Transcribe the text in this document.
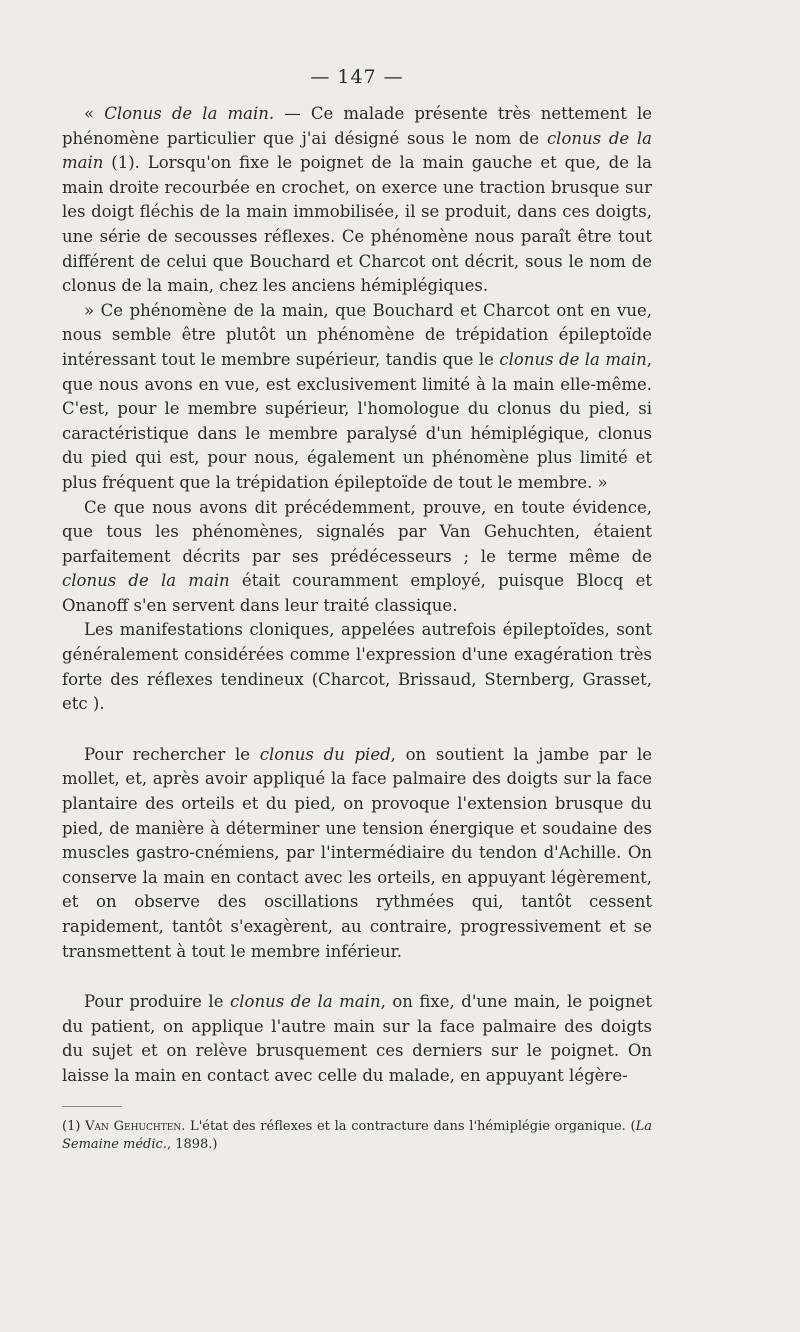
— 147 —

« Clonus de la main. — Ce malade présente très nettement le phénomène particulier que j'ai désigné sous le nom de clonus de la main (1). Lorsqu'on fixe le poignet de la main gauche et que, de la main droite recourbée en crochet, on exerce une traction brusque sur les doigt fléchis de la main immobilisée, il se produit, dans ces doigts, une série de secousses réflexes. Ce phénomène nous paraît être tout différent de celui que Bouchard et Charcot ont décrit, sous le nom de clonus de la main, chez les anciens hémiplégiques.

» Ce phénomène de la main, que Bouchard et Charcot ont en vue, nous semble être plutôt un phénomène de trépidation épileptoïde intéressant tout le membre supérieur, tandis que le clonus de la main, que nous avons en vue, est exclusivement limité à la main elle-même. C'est, pour le membre supérieur, l'homologue du clonus du pied, si caractéristique dans le membre paralysé d'un hémiplégique, clonus du pied qui est, pour nous, également un phénomène plus limité et plus fréquent que la trépidation épileptoïde de tout le membre. »

Ce que nous avons dit précédemment, prouve, en toute évidence, que tous les phénomènes, signalés par Van Gehuchten, étaient parfaitement décrits par ses prédécesseurs ; le terme même de clonus de la main était couramment employé, puisque Blocq et Onanoff s'en servent dans leur traité classique.

Les manifestations cloniques, appelées autrefois épileptoïdes, sont généralement considérées comme l'expression d'une exagération très forte des réflexes tendineux (Charcot, Brissaud, Sternberg, Grasset, etc ).

Pour rechercher le clonus du pied, on soutient la jambe par le mollet, et, après avoir appliqué la face palmaire des doigts sur la face plantaire des orteils et du pied, on provoque l'extension brusque du pied, de manière à déterminer une tension énergique et soudaine des muscles gastro-cnémiens, par l'intermédiaire du tendon d'Achille. On conserve la main en contact avec les orteils, en appuyant légèrement, et on observe des oscillations rythmées qui, tantôt cessent rapidement, tantôt s'exagèrent, au contraire, progressivement et se transmettent à tout le membre inférieur.

Pour produire le clonus de la main, on fixe, d'une main, le poignet du patient, on applique l'autre main sur la face palmaire des doigts du sujet et on relève brusquement ces derniers sur le poignet. On laisse la main en contact avec celle du malade, en appuyant légère-

(1) Van Gehuchten. L'état des réflexes et la contracture dans l'hémiplégie organique. (La Semaine médic., 1898.)
